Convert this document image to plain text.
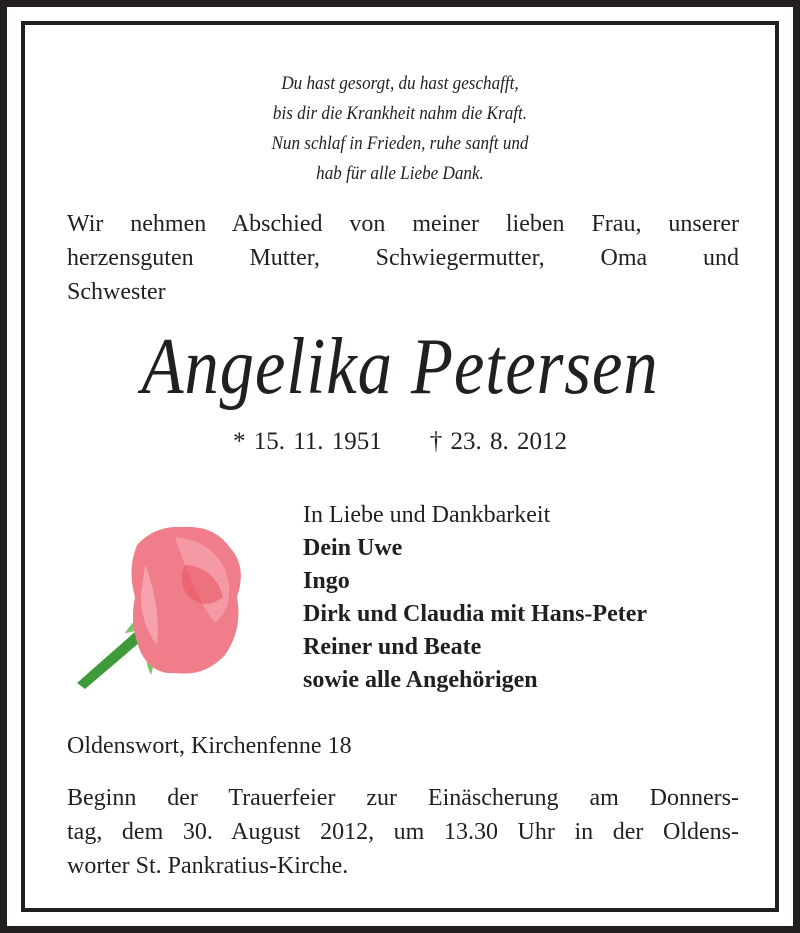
Du hast gesorgt, du hast geschafft,
bis dir die Krankheit nahm die Kraft.
Nun schlaf in Frieden, ruhe sanft und
hab für alle Liebe Dank.
Wir nehmen Abschied von meiner lieben Frau, unserer
herzensguten Mutter, Schwiegermutter, Oma und
Schwester
Angelika Petersen
* 15. 11. 1951 † 23. 8. 2012
In Liebe und Dankbarkeit
Dein Uwe
Ingo
Dirk und Claudia mit Hans-Peter
Reiner und Beate
sowie alle Angehörigen
Oldenswort, Kirchenfenne 18
Beginn der Trauerfeier zur Einäscherung am Donners-
tag, dem 30. August 2012, um 13.30 Uhr in der Oldens-
worter St. Pankratius-Kirche.
